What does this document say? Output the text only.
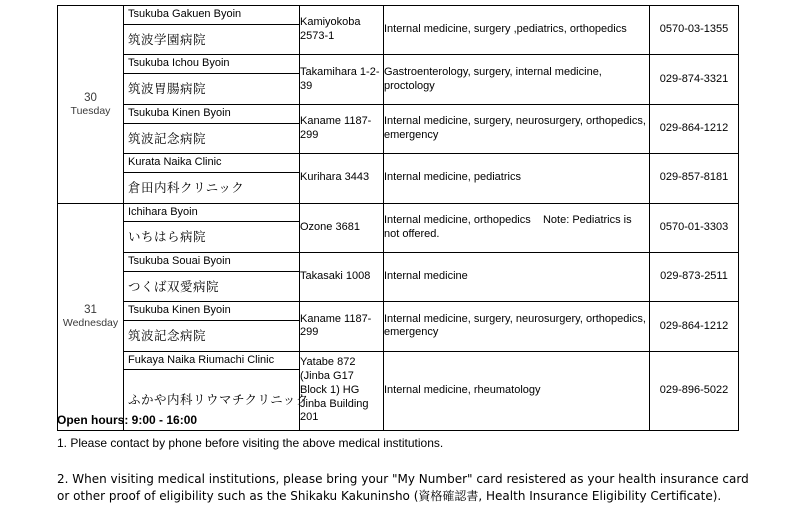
30
Tuesday	Tsukuba Gakuen Byoin
筑波学園病院	Kamiyokoba 2573-1	Internal medicine, surgery ,pediatrics, orthopedics	0570-03-1355

	Tsukuba Ichou Byoin
筑波胃腸病院	Takamihara 1-2-39	Gastroenterology, surgery, internal medicine, proctology	029-874-3321

	Tsukuba Kinen Byoin
筑波記念病院	Kaname 1187-299	Internal medicine, surgery, neurosurgery, orthopedics, emergency	029-864-1212

	Kurata Naika Clinic
倉田内科クリニック	Kurihara 3443	Internal medicine, pediatrics	029-857-8181

31
Wednesday	Ichihara Byoin
いちはら病院	Ozone 3681	Internal medicine, orthopedics    Note: Pediatrics is not offered.	0570-01-3303

	Tsukuba Souai Byoin
つくば双愛病院	Takasaki 1008	Internal medicine	029-873-2511

	Tsukuba Kinen Byoin
筑波記念病院	Kaname 1187-299	Internal medicine, surgery, neurosurgery, orthopedics, emergency	029-864-1212

	Fukaya Naika Riumachi Clinic
ふかや内科リウマチクリニック	Yatabe 872 (Jinba G17 Block 1) HG Jinba Building 201	Internal medicine, rheumatology	029-896-5022

Open hours: 9:00 - 16:00

1. Please contact by phone before visiting the above medical institutions.

2. When visiting medical institutions, please bring your "My Number" card resistered as your health insurance card or other proof of eligibility such as the Shikaku Kakuninsho (資格確認書, Health Insurance Eligibility Certificate).
